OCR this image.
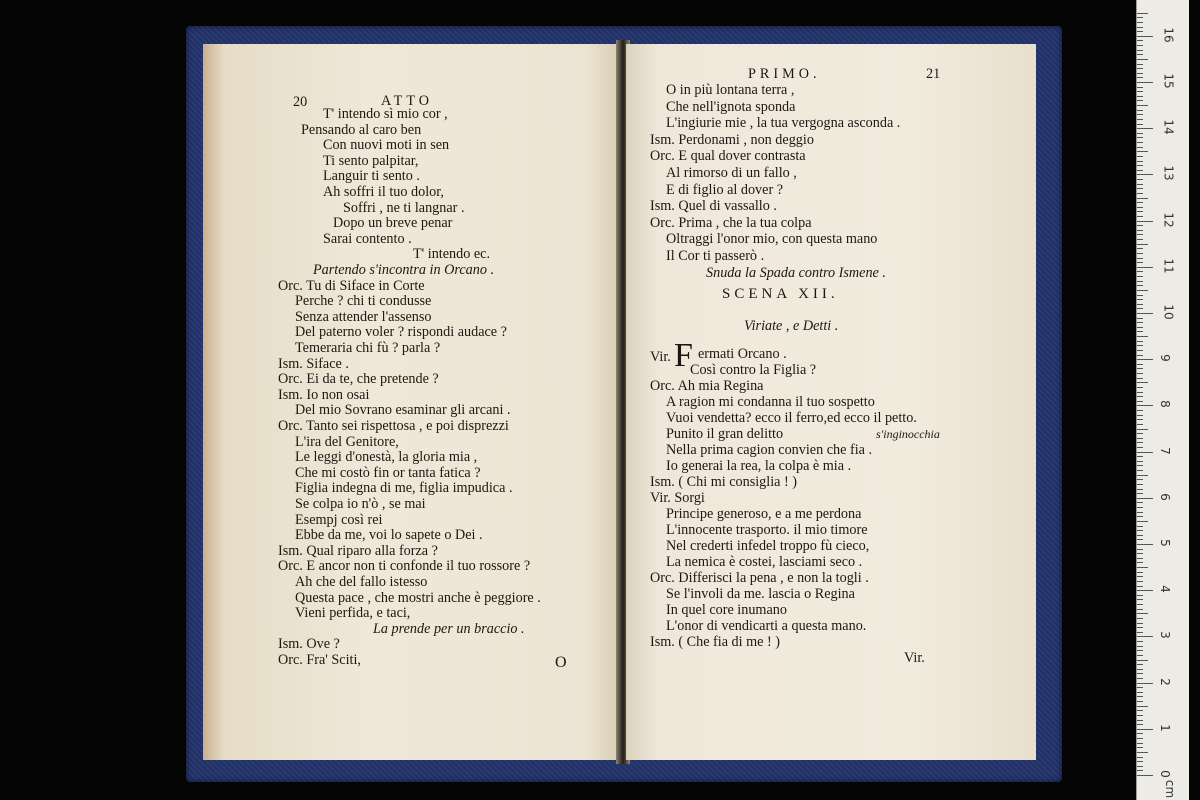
20	ATTO
T' intendo sì mio cor ,
Pensando al caro ben
Con nuovi moti in sen
Ti sento palpitar,
Languir ti sento .
Ah soffri il tuo dolor,
Soffri , ne ti langnar .
Dopo un breve penar
Sarai contento .
T' intendo ec.
Partendo s'incontra in Orcano .
Orc. Tu di Siface in Corte
Perche ? chi ti condusse
Senza attender l'assenso
Del paterno voler ? rispondi audace ?
Temeraria chi fù ? parla ?
Ism. Siface .
Orc. Ei da te, che pretende ?
Ism. Io non osai
Del mio Sovrano esaminar gli arcani .
Orc. Tanto sei rispettosa , e poi disprezzi
L'ira del Genitore,
Le leggi d'onestà, la gloria mia ,
Che mi costò fin or tanta fatica ?
Figlia indegna di me, figlia impudica .
Se colpa io n'ò , se mai
Esempj così rei
Ebbe da me, voi lo sapete o Dei .
Ism. Qual riparo alla forza ?
Orc. E ancor non ti confonde il tuo rossore ?
Ah che del fallo istesso
Questa pace , che mostri anche è peggiore .
Vieni perfida, e taci,
La prende per un braccio .
Ism. Ove ?
Orc. Fra' Sciti,	O
PRIMO.	21
O in più lontana terra ,
Che nell'ignota sponda
L'ingiurie mie , la tua vergogna asconda .
Ism. Perdonami , non deggio
Orc. E qual dover contrasta
Al rimorso di un fallo ,
E di figlio al dover ?
Ism. Quel di vassallo .
Orc. Prima , che la tua colpa
Oltraggi l'onor mio, con questa mano
Il Cor ti passerò .
Snuda la Spada contro Ismene .
SCENA XII.
Viriate , e Detti .
F
Vir. ermati Orcano .
Così contro la Figlia ?
Orc. Ah mia Regina
A ragion mi condanna il tuo sospetto
Vuoi vendetta? ecco il ferro,ed ecco il petto.
Punito il gran delitto	s'inginocchia
Nella prima cagion convien che fia .
Io generai la rea, la colpa è mia .
Ism. ( Chi mi consiglia ! )
Vir. Sorgi
Principe generoso, e a me perdona
L'innocente trasporto. il mio timore
Nel crederti infedel troppo fù cieco,
La nemica è costei, lasciami seco .
Orc. Differisci la pena , e non la togli .
Se l'involi da me. lascia o Regina
In quel core inumano
L'onor di vendicarti a questa mano.
Ism. ( Che fia di me ! )
Vir.
0
1
2
3
4
5
6
7
8
9
10
11
12
13
14
15
16
cm
